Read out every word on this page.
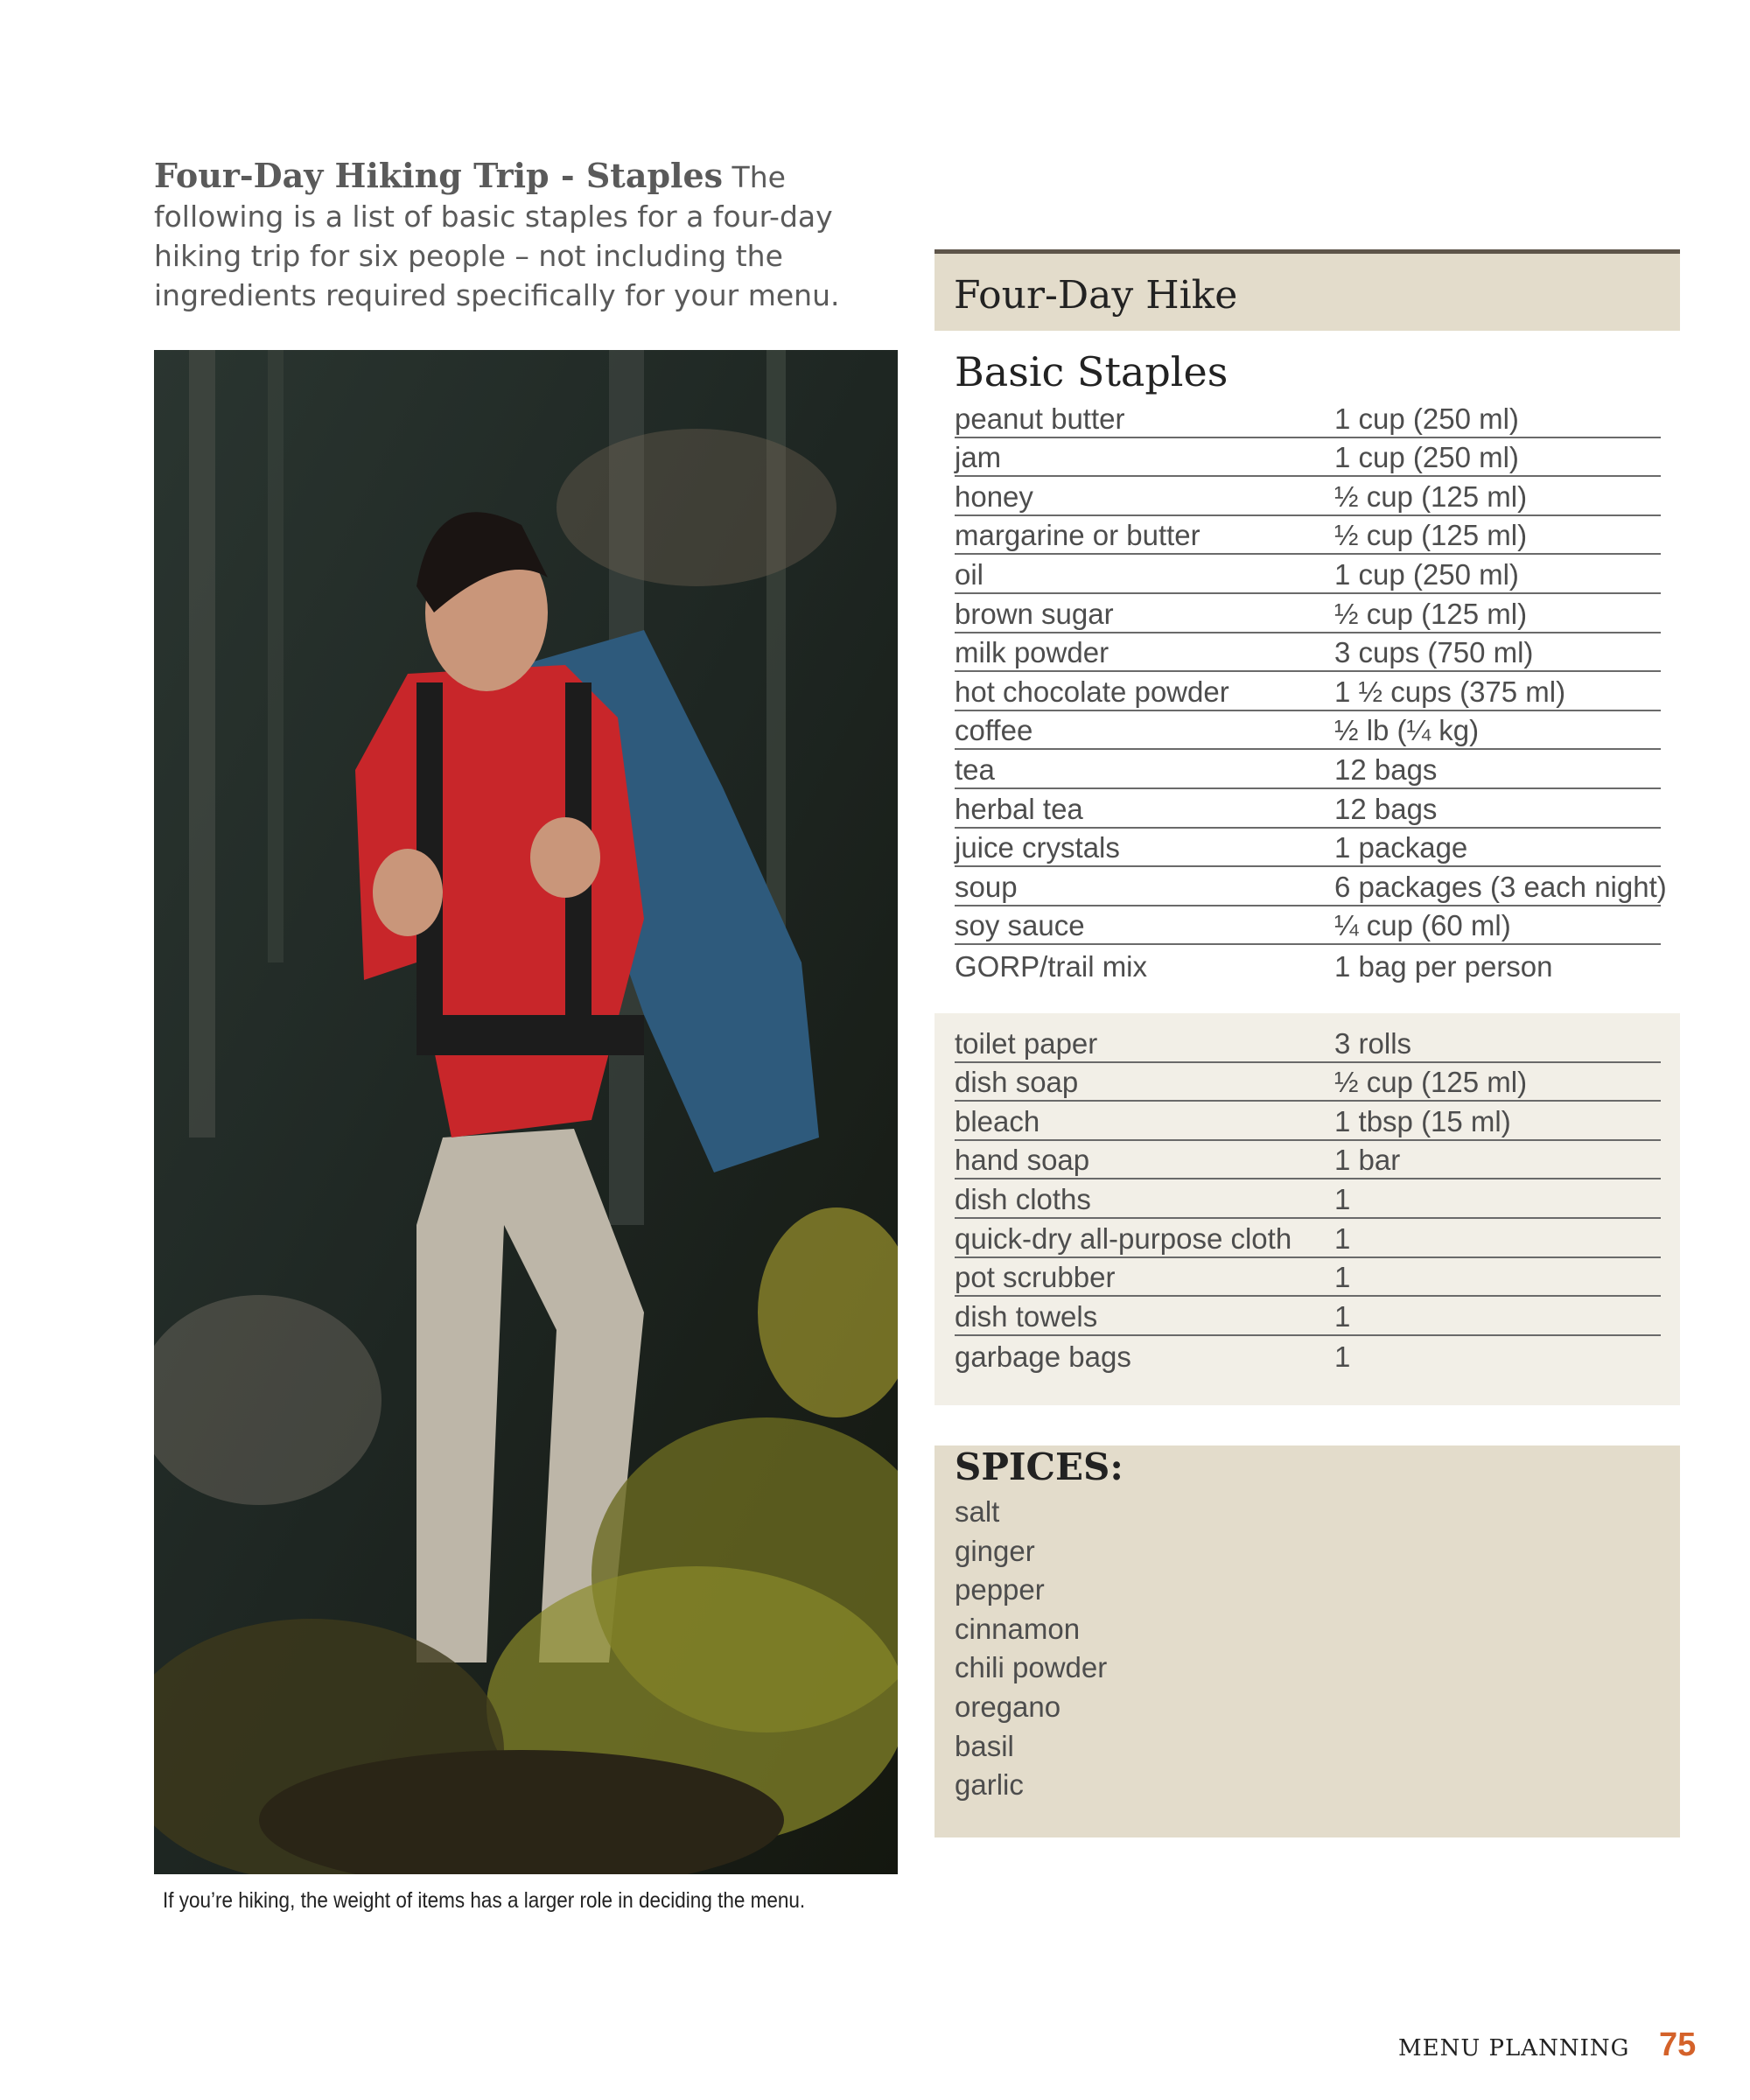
Four-Day Hiking Trip - Staples The following is a list of basic staples for a four-day hiking trip for six people – not including the ingredients required specifically for your menu.
If you’re hiking, the weight of items has a larger role in deciding the menu.
Four-Day Hike
Basic Staples
peanut butter	1 cup (250 ml)
jam	1 cup (250 ml)
honey	½ cup (125 ml)
margarine or butter	½ cup (125 ml)
oil	1 cup (250 ml)
brown sugar	½ cup (125 ml)
milk powder	3 cups (750 ml)
hot chocolate powder	1 ½ cups (375 ml)
coffee	½ lb (¼ kg)
tea	12 bags
herbal tea	12 bags
juice crystals	1 package
soup	6 packages (3 each night)
soy sauce	¼ cup (60 ml)
GORP/trail mix	1 bag per person
toilet paper	3 rolls
dish soap	½ cup (125 ml)
bleach	1 tbsp (15 ml)
hand soap	1 bar
dish cloths	1
quick-dry all-purpose cloth 1
pot scrubber	1
dish towels	1
garbage bags	1
SPICES:
salt
ginger
pepper
cinnamon
chili powder
oregano
basil
garlic
MENU PLANNING 75
